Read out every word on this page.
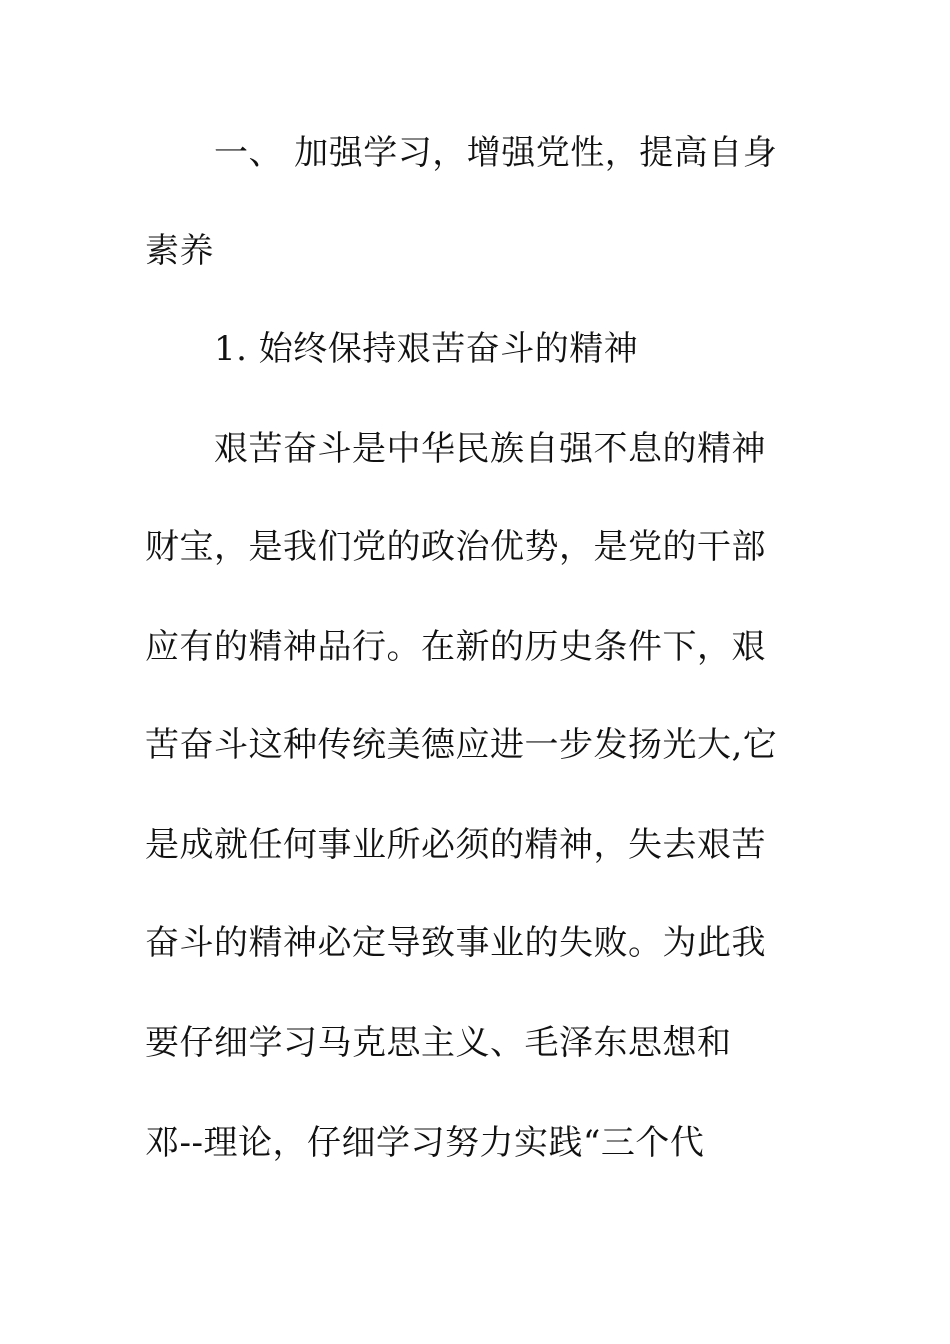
一、 加强学习，增强党性，提高自身
素养
1. 始终保持艰苦奋斗的精神
艰苦奋斗是中华民族自强不息的精神
财宝，是我们党的政治优势，是党的干部
应有的精神品行。在新的历史条件下，艰
苦奋斗这种传统美德应进一步发扬光大,它
是成就任何事业所必须的精神，失去艰苦
奋斗的精神必定导致事业的失败。为此我
要仔细学习马克思主义、毛泽东思想和
邓--理论，仔细学习努力实践“三个代
